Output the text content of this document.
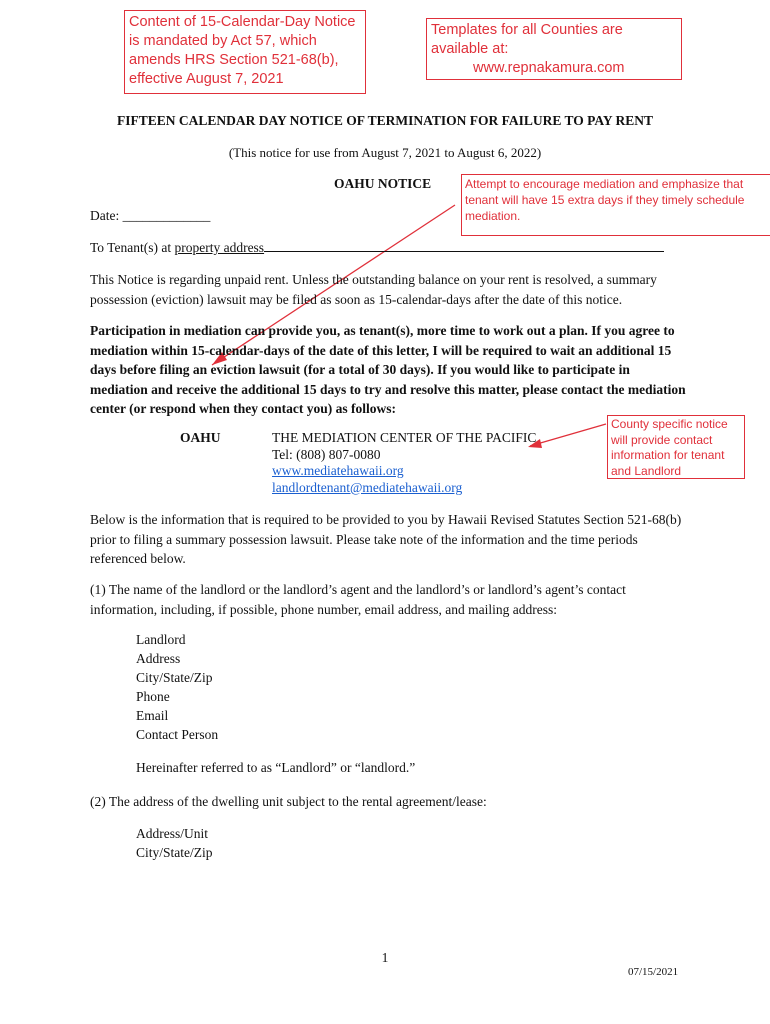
Content of 15-Calendar-Day Notice is mandated by Act 57, which amends HRS Section 521-68(b), effective August 7, 2021
Templates for all Counties are available at:
www.repnakamura.com
Attempt to encourage mediation and emphasize that tenant will have 15 extra days if they timely schedule mediation.
County specific notice will provide contact information for tenant and Landlord
FIFTEEN CALENDAR DAY NOTICE OF TERMINATION FOR FAILURE TO PAY RENT
(This notice for use from August 7, 2021 to August 6, 2022)
OAHU NOTICE
Date: _____________
To Tenant(s) at property address
This Notice is regarding unpaid rent. Unless the outstanding balance on your rent is resolved, a summary possession (eviction) lawsuit may be filed as soon as 15-calendar-days after the date of this notice.
Participation in mediation can provide you, as tenant(s), more time to work out a plan. If you agree to mediation within 15-calendar-days of the date of this letter, I will be required to wait an additional 15 days before filing an eviction lawsuit (for a total of 30 days). If you would like to participate in mediation and receive the additional 15 days to try and resolve this matter, please contact the mediation center (or respond when they contact you) as follows:
OAHU	THE MEDIATION CENTER OF THE PACIFIC
Tel: (808) 807-0080
www.mediatehawaii.org
landlordtenant@mediatehawaii.org
Below is the information that is required to be provided to you by Hawaii Revised Statutes Section 521-68(b) prior to filing a summary possession lawsuit. Please take note of the information and the time periods referenced below.
(1) The name of the landlord or the landlord’s agent and the landlord’s or landlord’s agent’s contact information, including, if possible, phone number, email address, and mailing address:
Landlord
Address
City/State/Zip
Phone
Email
Contact Person
Hereinafter referred to as “Landlord” or “landlord.”
(2) The address of the dwelling unit subject to the rental agreement/lease:
Address/Unit
City/State/Zip
1
07/15/2021
